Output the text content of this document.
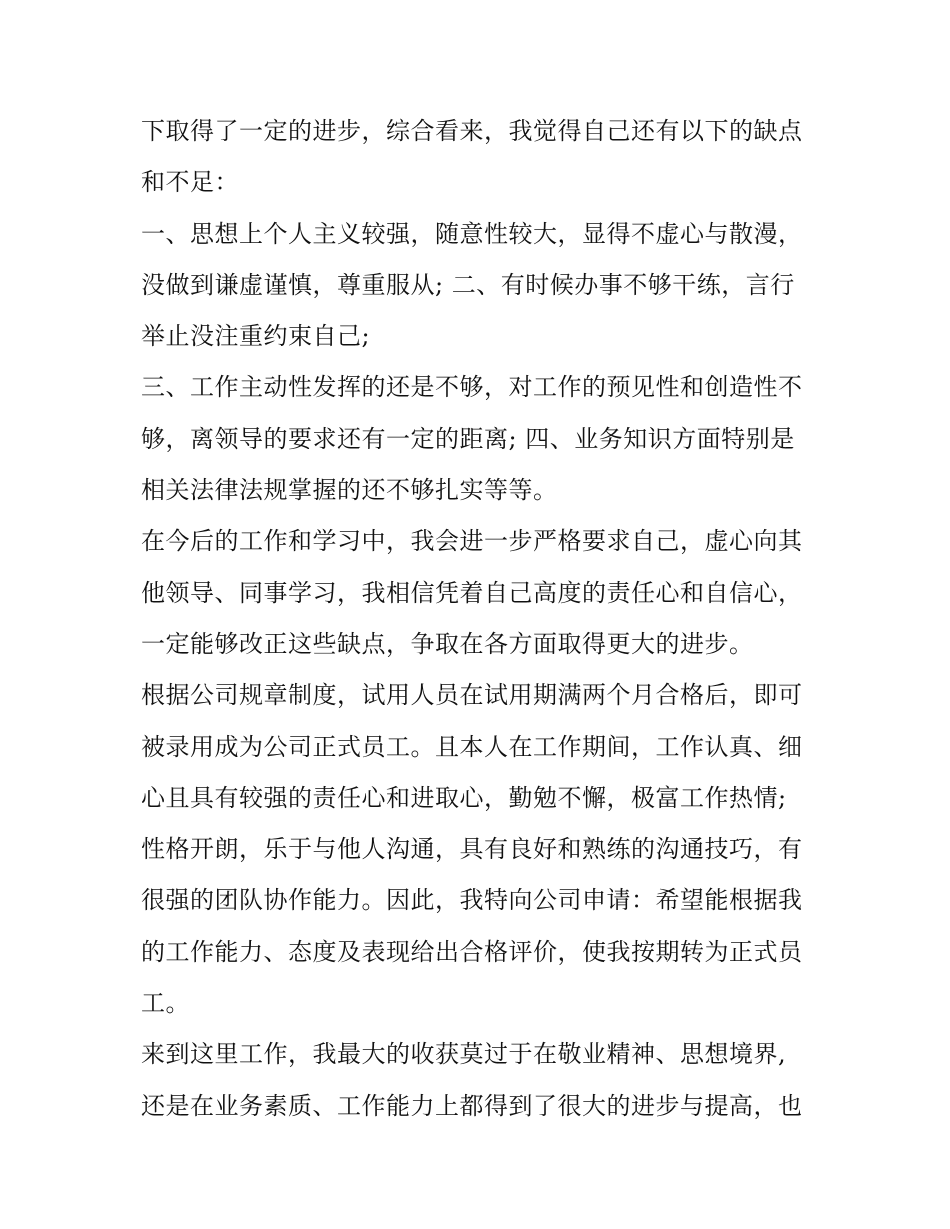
下取得了一定的进步，综合看来，我觉得自己还有以下的缺点
和不足：
一、思想上个人主义较强，随意性较大，显得不虚心与散漫，
没做到谦虚谨慎，尊重服从; 二、有时候办事不够干练，言行
举止没注重约束自己;
三、工作主动性发挥的还是不够，对工作的预见性和创造性不
够，离领导的要求还有一定的距离; 四、业务知识方面特别是
相关法律法规掌握的还不够扎实等等。
在今后的工作和学习中，我会进一步严格要求自己，虚心向其
他领导、同事学习，我相信凭着自己高度的责任心和自信心，
一定能够改正这些缺点，争取在各方面取得更大的进步。
根据公司规章制度，试用人员在试用期满两个月合格后，即可
被录用成为公司正式员工。且本人在工作期间，工作认真、细
心且具有较强的责任心和进取心，勤勉不懈，极富工作热情;
性格开朗，乐于与他人沟通，具有良好和熟练的沟通技巧，有
很强的团队协作能力。因此，我特向公司申请：希望能根据我
的工作能力、态度及表现给出合格评价，使我按期转为正式员
工。
来到这里工作，我最大的收获莫过于在敬业精神、思想境界,
还是在业务素质、工作能力上都得到了很大的进步与提高，也
